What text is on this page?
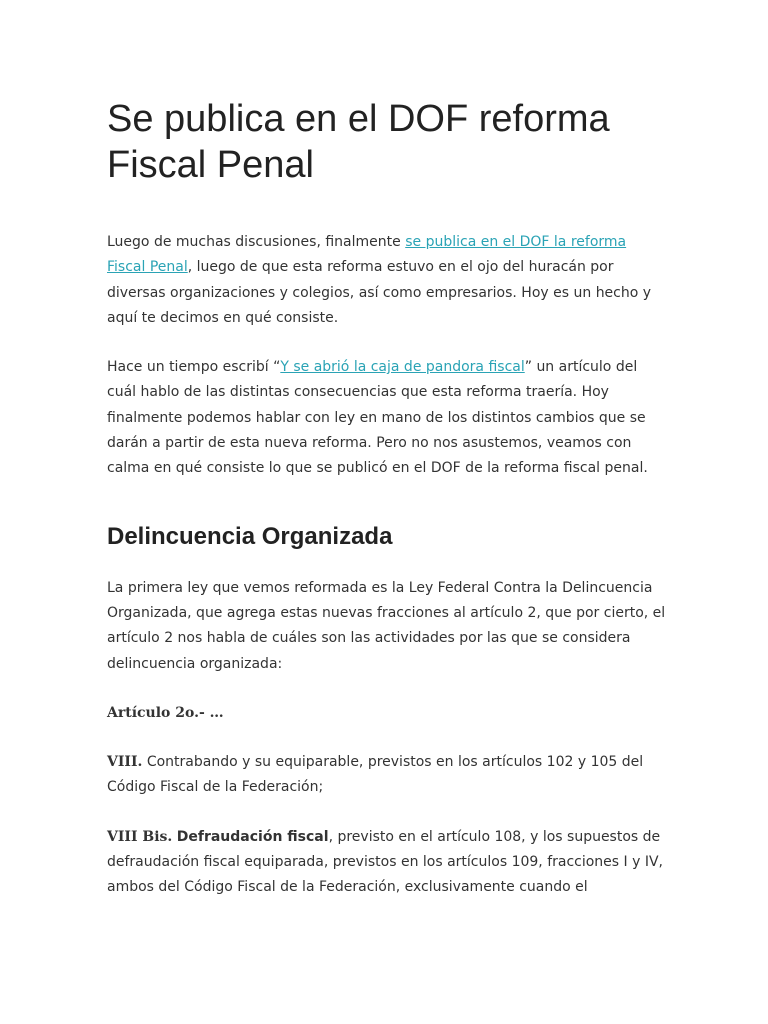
Se publica en el DOF reforma Fiscal Penal

Luego de muchas discusiones, finalmente se publica en el DOF la reforma Fiscal Penal, luego de que esta reforma estuvo en el ojo del huracán por diversas organizaciones y colegios, así como empresarios. Hoy es un hecho y aquí te decimos en qué consiste.

Hace un tiempo escribí “Y se abrió la caja de pandora fiscal” un artículo del cuál hablo de las distintas consecuencias que esta reforma traería. Hoy finalmente podemos hablar con ley en mano de los distintos cambios que se darán a partir de esta nueva reforma. Pero no nos asustemos, veamos con calma en qué consiste lo que se publicó en el DOF de la reforma fiscal penal.

Delincuencia Organizada

La primera ley que vemos reformada es la Ley Federal Contra la Delincuencia Organizada, que agrega estas nuevas fracciones al artículo 2, que por cierto, el artículo 2 nos habla de cuáles son las actividades por las que se considera delincuencia organizada:

Artículo 2o.- …

VIII. Contrabando y su equiparable, previstos en los artículos 102 y 105 del Código Fiscal de la Federación;

VIII Bis. Defraudación fiscal, previsto en el artículo 108, y los supuestos de defraudación fiscal equiparada, previstos en los artículos 109, fracciones I y IV, ambos del Código Fiscal de la Federación, exclusivamente cuando el
